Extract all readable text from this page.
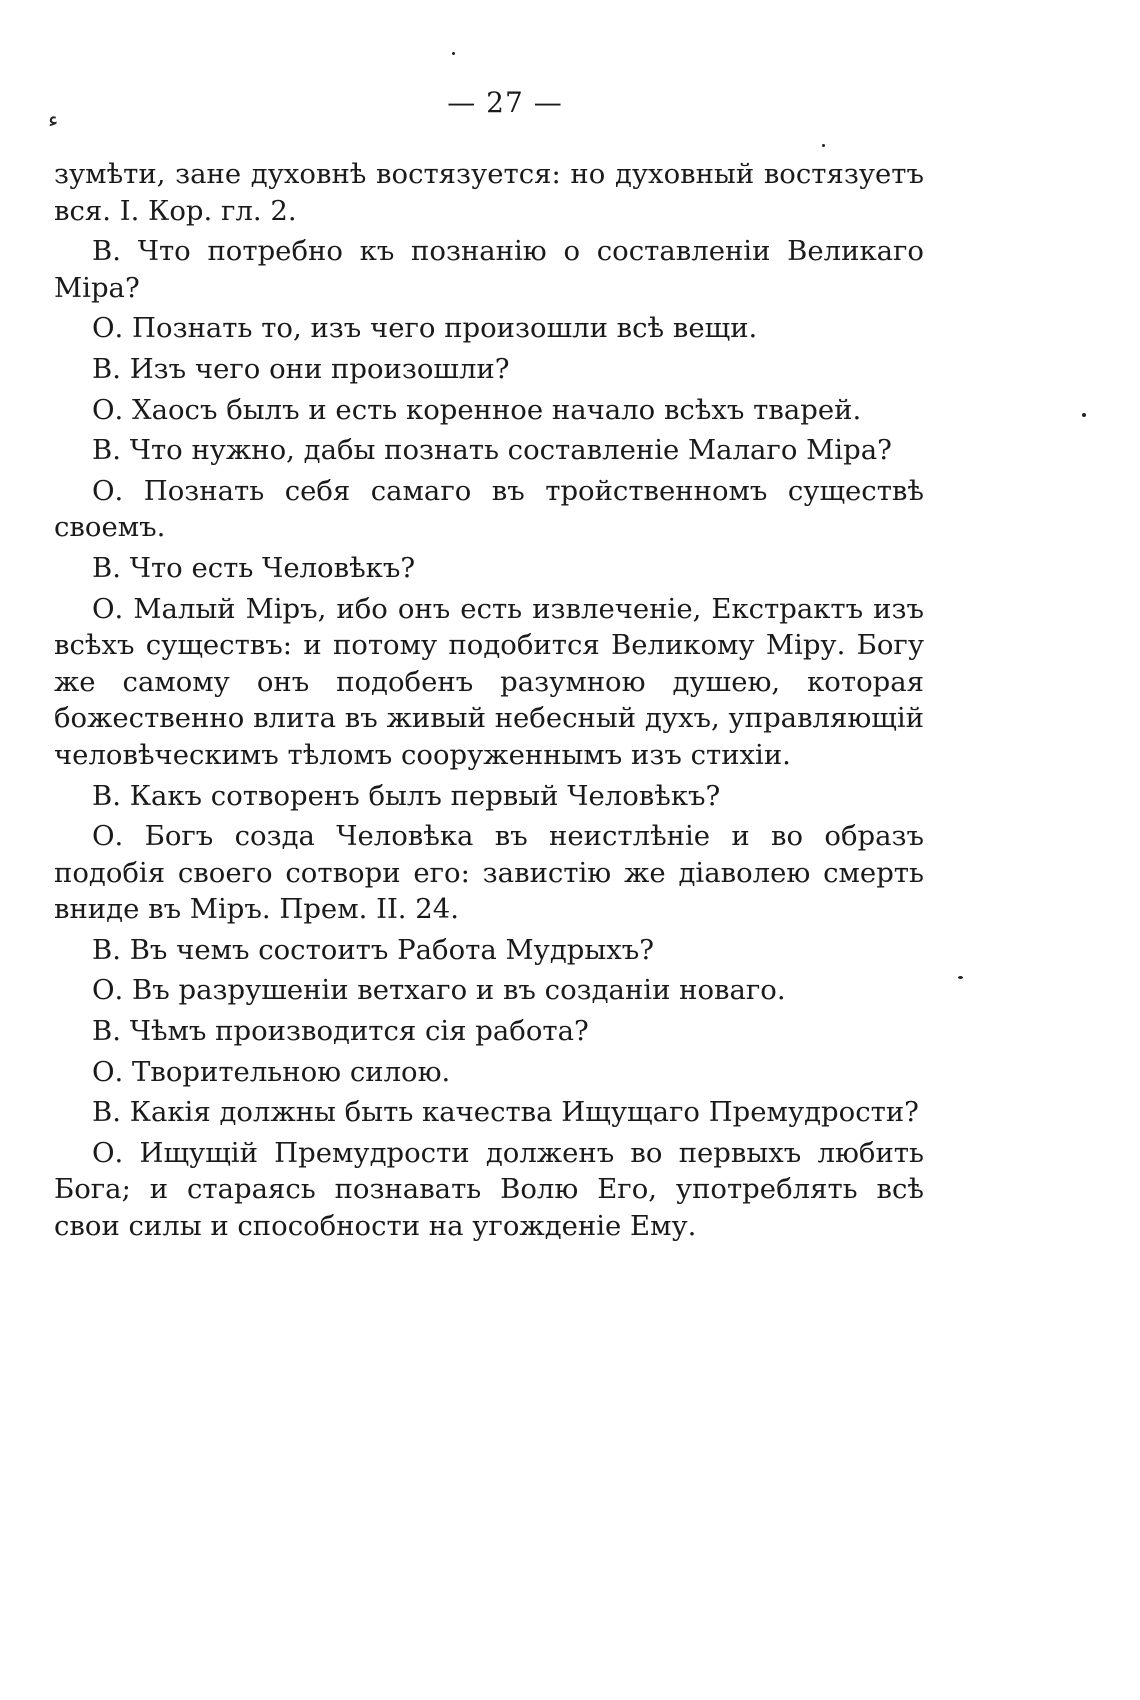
ء
— 27 —

зумѣти, зане духовнѣ востязуется: но духовный востязуетъ вся. I. Кор. гл. 2.

В. Что потребно къ познанiю о составленiи Великаго Мiра?

О. Познать то, изъ чего произошли всѣ вещи.

В. Изъ чего они произошли?

О. Хаосъ былъ и есть коренное начало всѣхъ тварей.

В. Что нужно, дабы познать составленiе Малаго Мiра?

О. Познать себя самаго въ тройственномъ существѣ своемъ.

В. Что есть Человѣкъ?

О. Малый Мiръ, ибо онъ есть извлеченiе, Екстрактъ изъ всѣхъ существъ: и потому подобится Великому Мiру. Богу же самому онъ подобенъ разумною душею, которая божественно влита въ живый небесный духъ, управляющiй человѣческимъ тѣломъ сооруженнымъ изъ стихiи.

В. Какъ сотворенъ былъ первый Человѣкъ?

О. Богъ созда Человѣка въ неистлѣнiе и во образъ подобiя своего сотвори его: завистiю же дiаволею смерть вниде въ Мiръ. Прем. II. 24.

В. Въ чемъ состоитъ Работа Мудрыхъ?

О. Въ разрушенiи ветхаго и въ созданiи новаго.

В. Чѣмъ производится сiя работа?

О. Творительною силою.

В. Какiя должны быть качества Ищущаго Премудрости?

О. Ищущiй Премудрости долженъ во первыхъ любить Бога; и стараясь познавать Волю Его, употреблять всѣ свои силы и способности на угожденiе Ему.
